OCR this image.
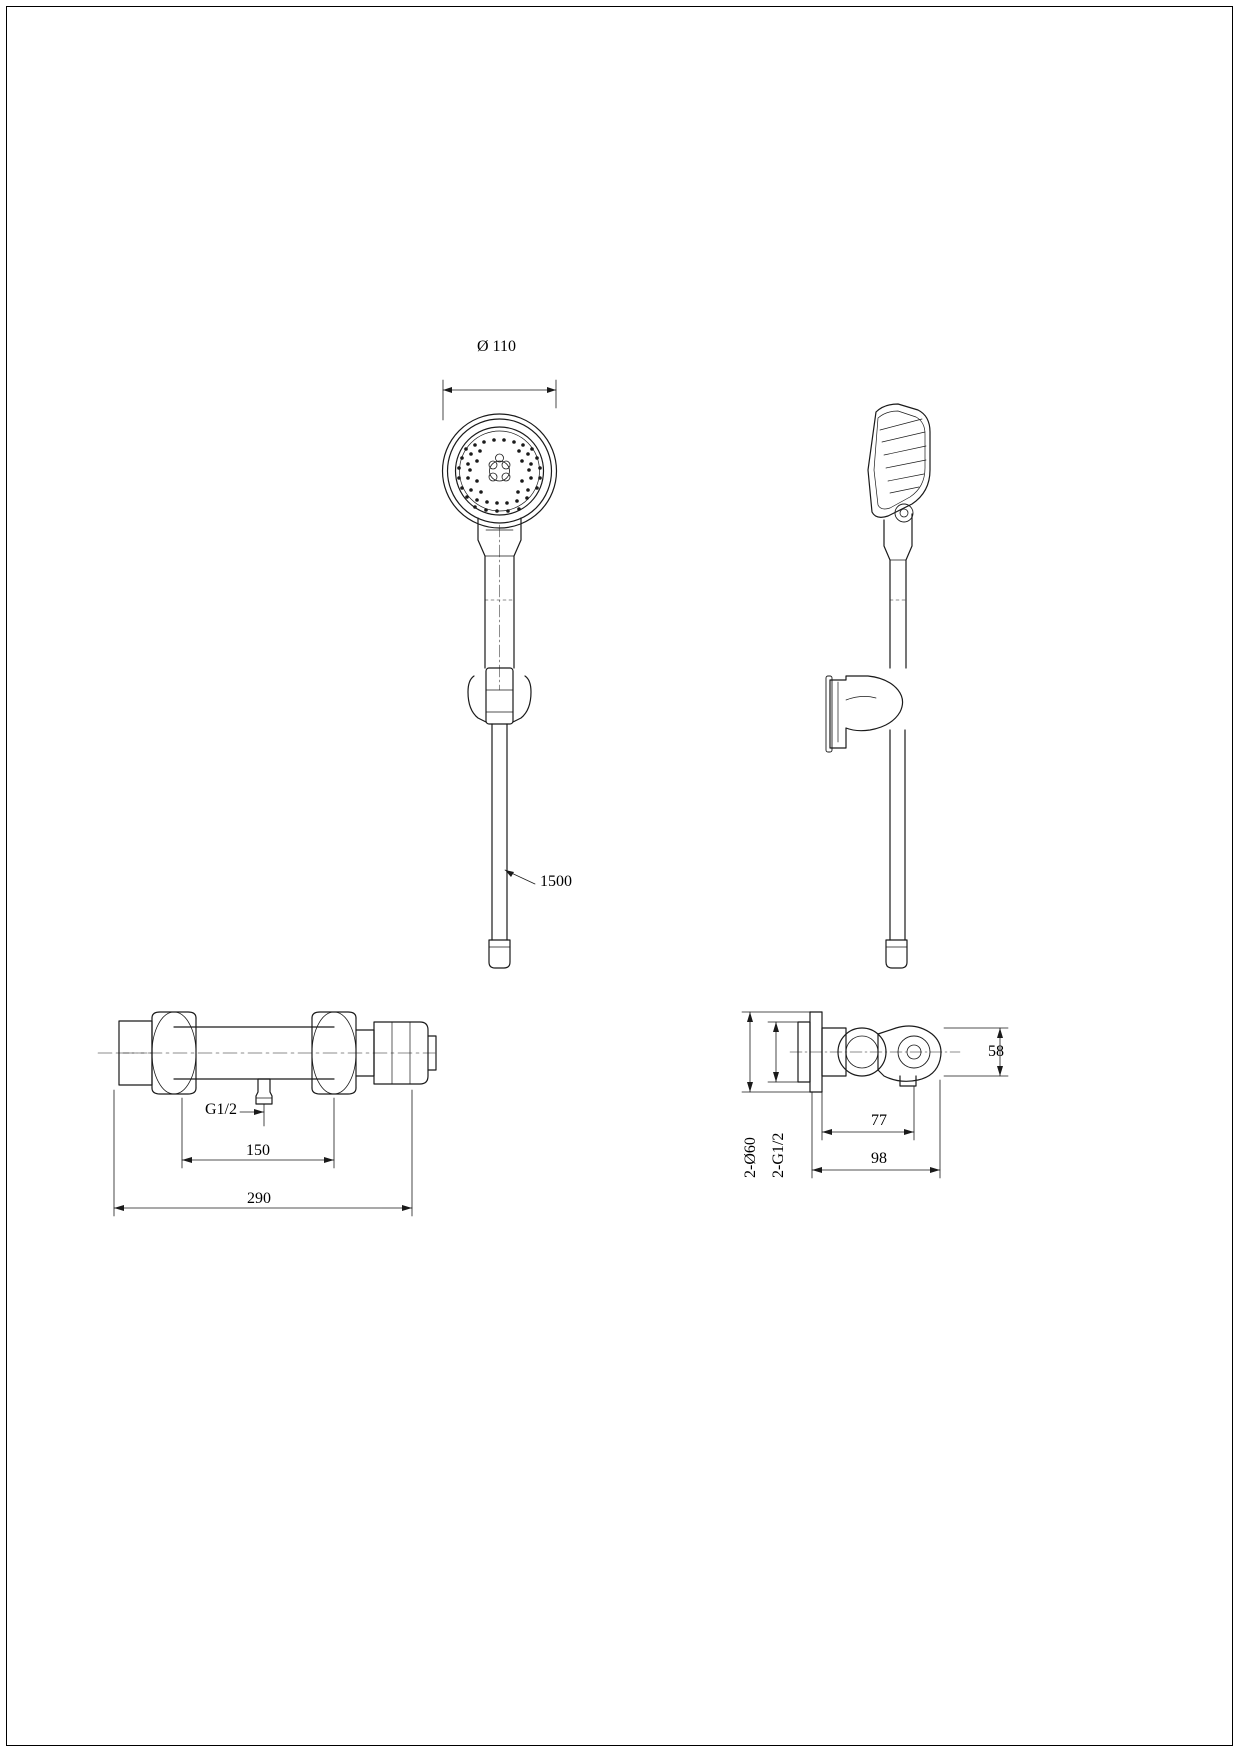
Ø 110
1500
G1/2
150
290
2-Ø60 2-G1/2
77
98
58
